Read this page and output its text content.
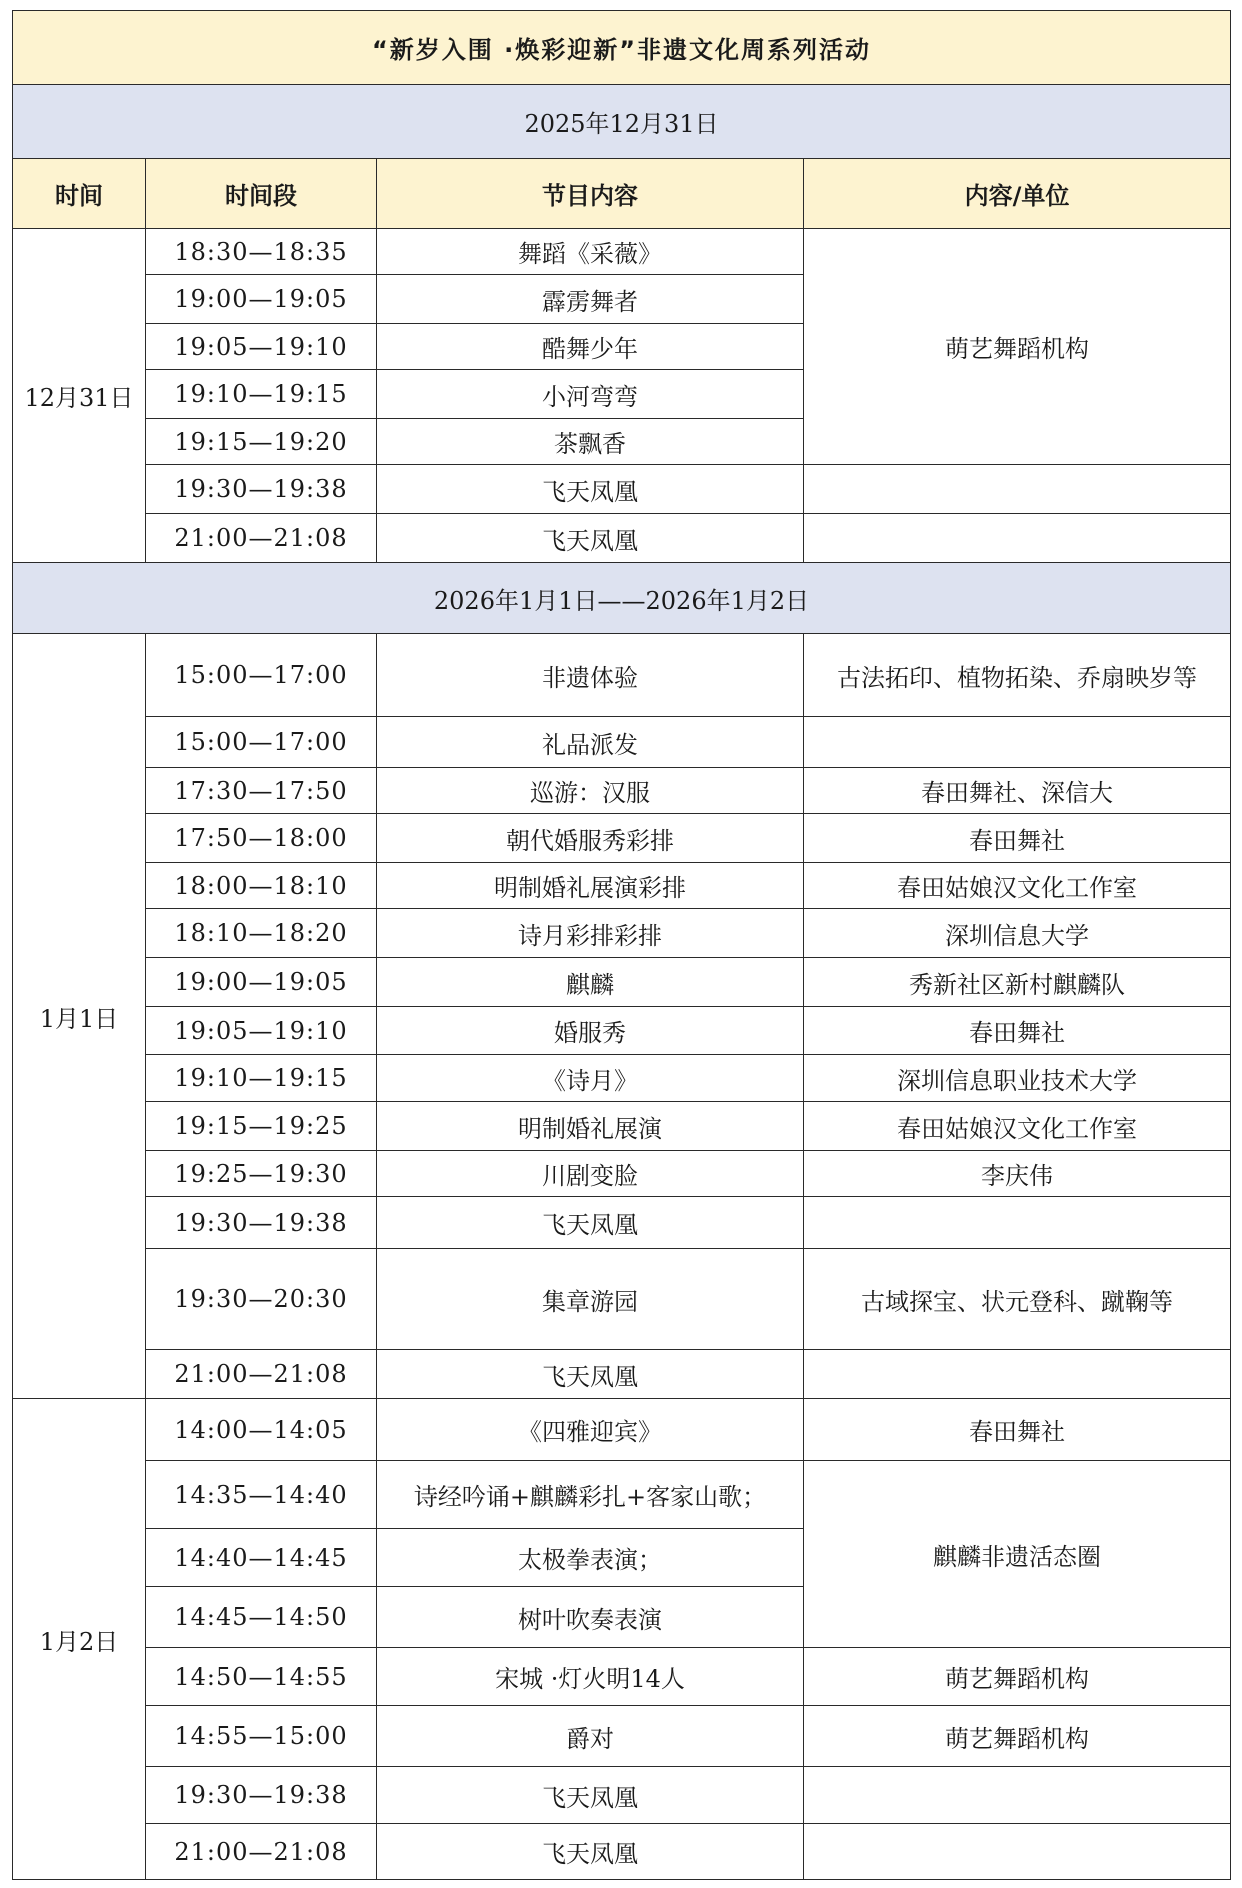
“新岁入围 ·焕彩迎新”非遗文化周系列活动			
2025年12月31日			
时间	时间段	节目内容	内容/单位
12月31日	18:30—18:35	舞蹈《采薇》	萌艺舞蹈机构
	19:00—19:05	霹雳舞者	
	19:05—19:10	酷舞少年	
	19:10—19:15	小河弯弯	
	19:15—19:20	茶飘香	
	19:30—19:38	飞天凤凰	
	21:00—21:08	飞天凤凰	
2026年1月1日——2026年1月2日			
1月1日	15:00—17:00	非遗体验	古法拓印、植物拓染、乔扇映岁等
	15:00—17:00	礼品派发	
	17:30—17:50	巡游：汉服	春田舞社、深信大
	17:50—18:00	朝代婚服秀彩排	春田舞社
	18:00—18:10	明制婚礼展演彩排	春田姑娘汉文化工作室
	18:10—18:20	诗月彩排彩排	深圳信息大学
	19:00—19:05	麒麟	秀新社区新村麒麟队
	19:05—19:10	婚服秀	春田舞社
	19:10—19:15	《诗月》	深圳信息职业技术大学
	19:15—19:25	明制婚礼展演	春田姑娘汉文化工作室
	19:25—19:30	川剧变脸	李庆伟
	19:30—19:38	飞天凤凰	
	19:30—20:30	集章游园	古域探宝、状元登科、蹴鞠等
	21:00—21:08	飞天凤凰	
1月2日	14:00—14:05	《四雅迎宾》	春田舞社
	14:35—14:40	诗经吟诵+麒麟彩扎+客家山歌；	麒麟非遗活态圈
	14:40—14:45	太极拳表演；	
	14:45—14:50	树叶吹奏表演	
	14:50—14:55	宋城 ·灯火明14人	萌艺舞蹈机构
	14:55—15:00	爵对	萌艺舞蹈机构
	19:30—19:38	飞天凤凰	
	21:00—21:08	飞天凤凰	
